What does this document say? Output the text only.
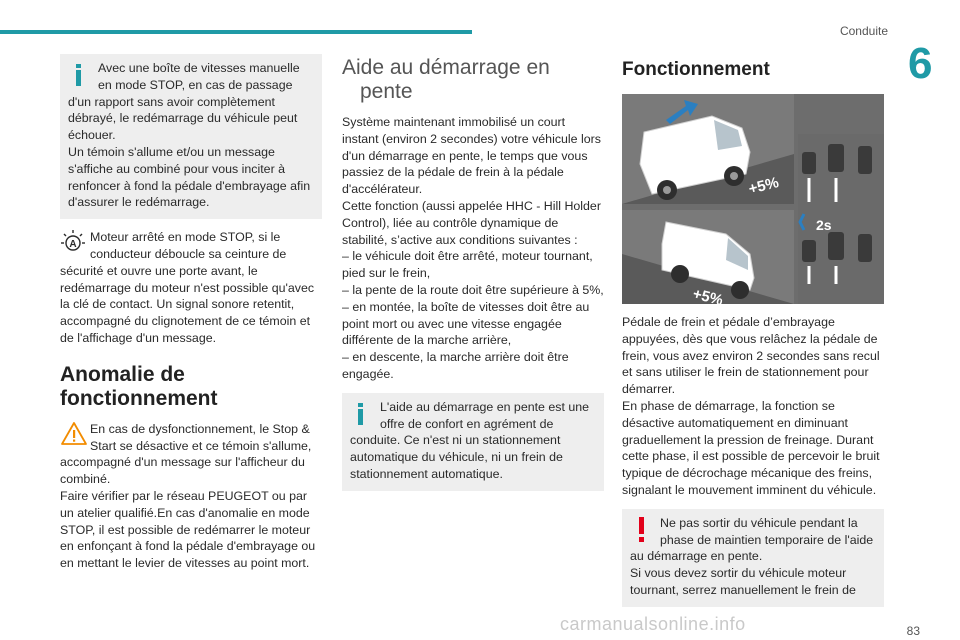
Conduite
6
83
carmanualsonline.info
Avec une boîte de vitesses manuelle en mode STOP, en cas de passage d'un rapport sans avoir complètement débrayé, le redémarrage du véhicule peut échouer.
Un témoin s'allume et/ou un message s'affiche au combiné pour vous inciter à renfoncer à fond la pédale d'embrayage afin d'assurer le redémarrage.
A
Moteur arrêté en mode STOP, si le conducteur déboucle sa ceinture de sécurité et ouvre une porte avant, le redémarrage du moteur n'est possible qu'avec la clé de contact. Un signal sonore retentit, accompagné du clignotement de ce témoin et de l'affichage d'un message.
Anomalie de fonctionnement
En cas de dysfonctionnement, le Stop & Start se désactive et ce témoin s'allume, accompagné d'un message sur l'afficheur du combiné.
Faire vérifier par le réseau PEUGEOT ou par un atelier qualifié.En cas d'anomalie en mode STOP, il est possible de redémarrer le moteur en enfonçant à fond la pédale d'embrayage ou en mettant le levier de vitesses au point mort.
Aide au démarrage en
pente
Système maintenant immobilisé un court instant (environ 2 secondes) votre véhicule lors d'un démarrage en pente, le temps que vous passiez de la pédale de frein à la pédale d'accélérateur.
Cette fonction (aussi appelée HHC - Hill Holder Control), liée au contrôle dynamique de stabilité, s’active aux conditions suivantes :
– le véhicule doit être arrêté, moteur tournant, pied sur le frein,
– la pente de la route doit être supérieure à 5%,
– en montée, la boîte de vitesses doit être au point mort ou avec une vitesse engagée différente de la marche arrière,
– en descente, la marche arrière doit être engagée.
L'aide au démarrage en pente est une offre de confort en agrément de conduite. Ce n'est ni un stationnement automatique du véhicule, ni un frein de stationnement automatique.
Fonctionnement
+5%
+5%
2s
Pédale de frein et pédale d’embrayage appuyées, dès que vous relâchez la pédale de frein, vous avez environ 2 secondes sans recul et sans utiliser le frein de stationnement pour démarrer.
En phase de démarrage, la fonction se désactive automatiquement en diminuant graduellement la pression de freinage. Durant cette phase, il est possible de percevoir le bruit typique de décrochage mécanique des freins, signalant le mouvement imminent du véhicule.
Ne pas sortir du véhicule pendant la phase de maintien temporaire de l'aide au démarrage en pente.
Si vous devez sortir du véhicule moteur tournant, serrez manuellement le frein de
